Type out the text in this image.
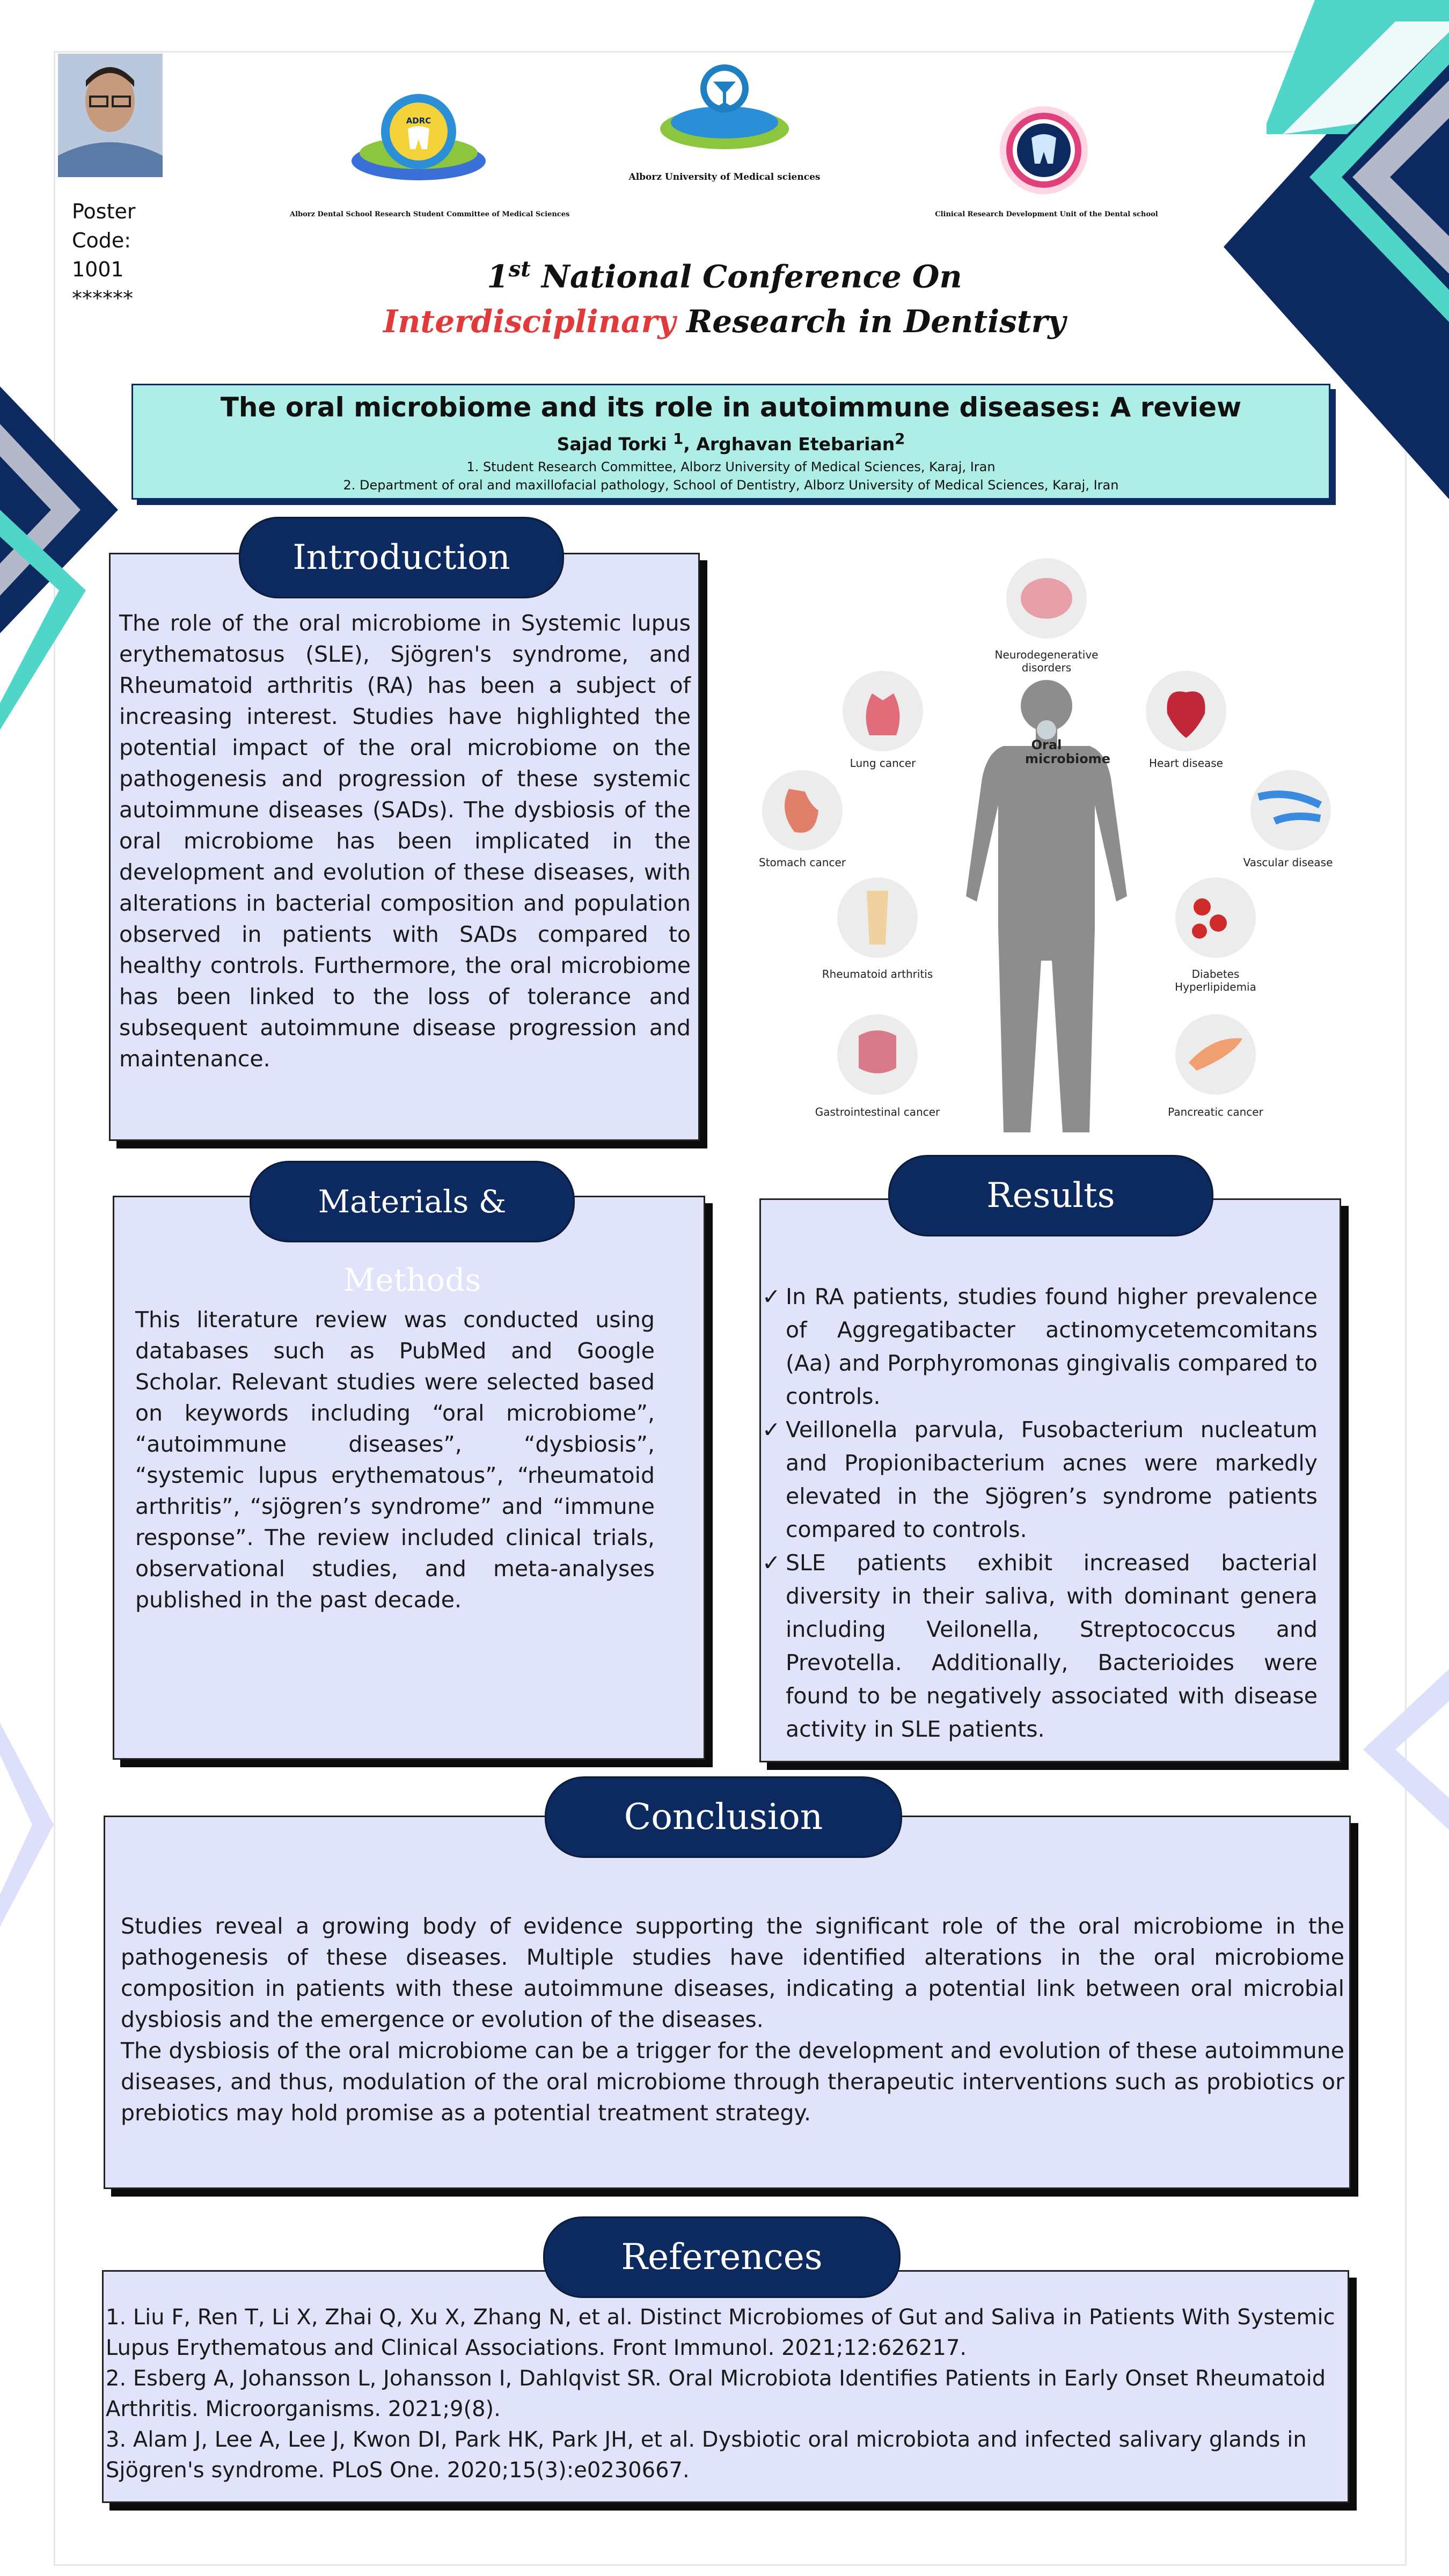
Poster
Code:
1001
******
ADRC
Alborz Dental School Research Student Committee of Medical Sciences
Alborz University of Medical sciences
Clinical Research Development Unit of the Dental school
1st National Conference On
Interdisciplinary Research in Dentistry
The oral microbiome and its role in autoimmune diseases: A review
Sajad Torki $^1$, Arghavan Etebarian$^2$
1. Student Research Committee, Alborz University of Medical Sciences, Karaj, Iran
2. Department of oral and maxillofacial pathology, School of Dentistry, Alborz University of Medical Sciences, Karaj, Iran
Introduction
The role of the oral microbiome in Systemic lupus erythematosus (SLE), Sjögren's syndrome, and Rheumatoid arthritis (RA) has been a subject of increasing interest. Studies have highlighted the potential impact of the oral microbiome on the pathogenesis and progression of these systemic autoimmune diseases (SADs). The dysbiosis of the oral microbiome has been implicated in the development and evolution of these diseases, with alterations in bacterial composition and population observed in patients with SADs compared to healthy controls. Furthermore, the oral microbiome has been linked to the loss of tolerance and subsequent autoimmune disease progression and maintenance.
Oral microbiome
Neurodegenerative disorders
Lung cancer	Heart disease
Stomach cancer	Vascular disease
Rheumatoid arthritis	Diabetes Hyperlipidemia
Gastrointestinal cancer	Pancreatic cancer
Materials & Methods
This literature review was conducted using databases such as PubMed and Google Scholar. Relevant studies were selected based on keywords including “oral microbiome”, “autoimmune diseases”, “dysbiosis”, “systemic lupus erythematous”, “rheumatoid arthritis”, “sjögren’s syndrome” and “immune response”. The review included clinical trials, observational studies, and meta-analyses published in the past decade.
Results
✓ In RA patients, studies found higher prevalence of Aggregatibacter actinomycetemcomitans (Aa) and Porphyromonas gingivalis compared to controls.
✓ Veillonella parvula, Fusobacterium nucleatum and Propionibacterium acnes were markedly elevated in the Sjögren’s syndrome patients compared to controls.
✓ SLE patients exhibit increased bacterial diversity in their saliva, with dominant genera including Veilonella, Streptococcus and Prevotella. Additionally, Bacterioides were found to be negatively associated with disease activity in SLE patients.
Conclusion

Studies reveal a growing body of evidence supporting the significant role of the oral microbiome in the pathogenesis of these diseases. Multiple studies have identified alterations in the oral microbiome composition in patients with these autoimmune diseases, indicating a potential link between oral microbial dysbiosis and the emergence or evolution of the diseases.

The dysbiosis of the oral microbiome can be a trigger for the development and evolution of these autoimmune diseases, and thus, modulation of the oral microbiome through therapeutic interventions such as probiotics or prebiotics may hold promise as a potential treatment strategy.

References

1. Liu F, Ren T, Li X, Zhai Q, Xu X, Zhang N, et al. Distinct Microbiomes of Gut and Saliva in Patients With Systemic Lupus Erythematous and Clinical Associations. Front Immunol. 2021;12:626217.

2. Esberg A, Johansson L, Johansson I, Dahlqvist SR. Oral Microbiota Identifies Patients in Early Onset Rheumatoid Arthritis. Microorganisms. 2021;9(8).

3. Alam J, Lee A, Lee J, Kwon DI, Park HK, Park JH, et al. Dysbiotic oral microbiota and infected salivary glands in Sjögren's syndrome. PLoS One. 2020;15(3):e0230667.
